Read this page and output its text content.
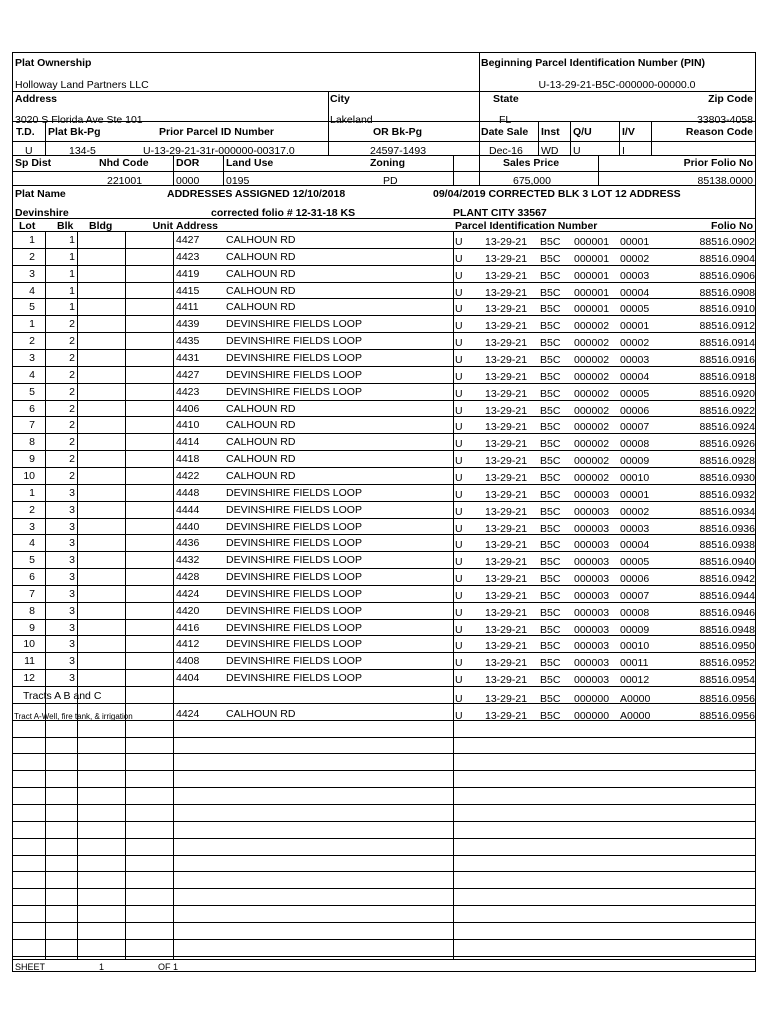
Plat Ownership
Holloway Land Partners LLC
Beginning Parcel Identification Number (PIN)
U-13-29-21-B5C-000000-00000.0
Address
3020 S Florida Ave Ste 101
City
Lakeland
State
FL
Zip Code
33803-4058
T.D.
U
Plat Bk-Pg
134-5
Prior Parcel ID Number
U-13-29-21-31r-000000-00317.0
OR Bk-Pg
24597-1493
Date Sale
Dec-16
Inst
WD
Q/U
U
I/V
I
Reason Code
Sp Dist	Nhd Code
221001
DOR
0000
Land Use
0195
Zoning
PD
Sales Price
675,000
Prior Folio No
85138.0000
Plat Name
Devinshire
ADDRESSES ASSIGNED 12/10/2018
corrected folio # 12-31-18 KS
09/04/2019 CORRECTED BLK 3 LOT 12 ADDRESS
PLANT CITY 33567
Lot Blk Bldg	Unit Address	Parcel Identification Number	Folio No
1	1	4427	CALHOUN RD	U 13-29-21 B5C 000001 00001	88516.0902
2	1	4423	CALHOUN RD	U 13-29-21 B5C 000001 00002	88516.0904
3	1	4419	CALHOUN RD	U 13-29-21 B5C 000001 00003	88516.0906
4	1	4415	CALHOUN RD	U 13-29-21 B5C 000001 00004	88516.0908
5	1	4411	CALHOUN RD	U 13-29-21 B5C 000001 00005	88516.0910
1	2	4439	DEVINSHIRE FIELDS LOOP	U 13-29-21 B5C 000002 00001	88516.0912
2	2	4435	DEVINSHIRE FIELDS LOOP	U 13-29-21 B5C 000002 00002	88516.0914
3	2	4431	DEVINSHIRE FIELDS LOOP	U 13-29-21 B5C 000002 00003	88516.0916
4	2	4427	DEVINSHIRE FIELDS LOOP	U 13-29-21 B5C 000002 00004	88516.0918
5	2	4423	DEVINSHIRE FIELDS LOOP	U 13-29-21 B5C 000002 00005	88516.0920
6	2	4406	CALHOUN RD	U 13-29-21 B5C 000002 00006	88516.0922
7	2	4410	CALHOUN RD	U 13-29-21 B5C 000002 00007	88516.0924
8	2	4414	CALHOUN RD	U 13-29-21 B5C 000002 00008	88516.0926
9	2	4418	CALHOUN RD	U 13-29-21 B5C 000002 00009	88516.0928
10	2	4422	CALHOUN RD	U 13-29-21 B5C 000002 00010	88516.0930
1	3	4448	DEVINSHIRE FIELDS LOOP	U 13-29-21 B5C 000003 00001	88516.0932
2	3	4444	DEVINSHIRE FIELDS LOOP	U 13-29-21 B5C 000003 00002	88516.0934
3	3	4440	DEVINSHIRE FIELDS LOOP	U 13-29-21 B5C 000003 00003	88516.0936
4	3	4436	DEVINSHIRE FIELDS LOOP	U 13-29-21 B5C 000003 00004	88516.0938
5	3	4432	DEVINSHIRE FIELDS LOOP	U 13-29-21 B5C 000003 00005	88516.0940
6	3	4428	DEVINSHIRE FIELDS LOOP	U 13-29-21 B5C 000003 00006	88516.0942
7	3	4424	DEVINSHIRE FIELDS LOOP	U 13-29-21 B5C 000003 00007	88516.0944
8	3	4420	DEVINSHIRE FIELDS LOOP	U 13-29-21 B5C 000003 00008	88516.0946
9	3	4416	DEVINSHIRE FIELDS LOOP	U 13-29-21 B5C 000003 00009	88516.0948
10	3	4412	DEVINSHIRE FIELDS LOOP	U 13-29-21 B5C 000003 00010	88516.0950
11	3	4408	DEVINSHIRE FIELDS LOOP	U 13-29-21 B5C 000003 00011	88516.0952
12	3	4404	DEVINSHIRE FIELDS LOOP	U 13-29-21 B5C 000003 00012	88516.0954
Tracts A B and C	U 13-29-21 B5C 000000 A0000	88516.0956
Tract A-Well, fire tank, & irrigation	4424	CALHOUN RD	U 13-29-21 B5C 000000 A0000	88516.0956
SHEET	1	OF 1
